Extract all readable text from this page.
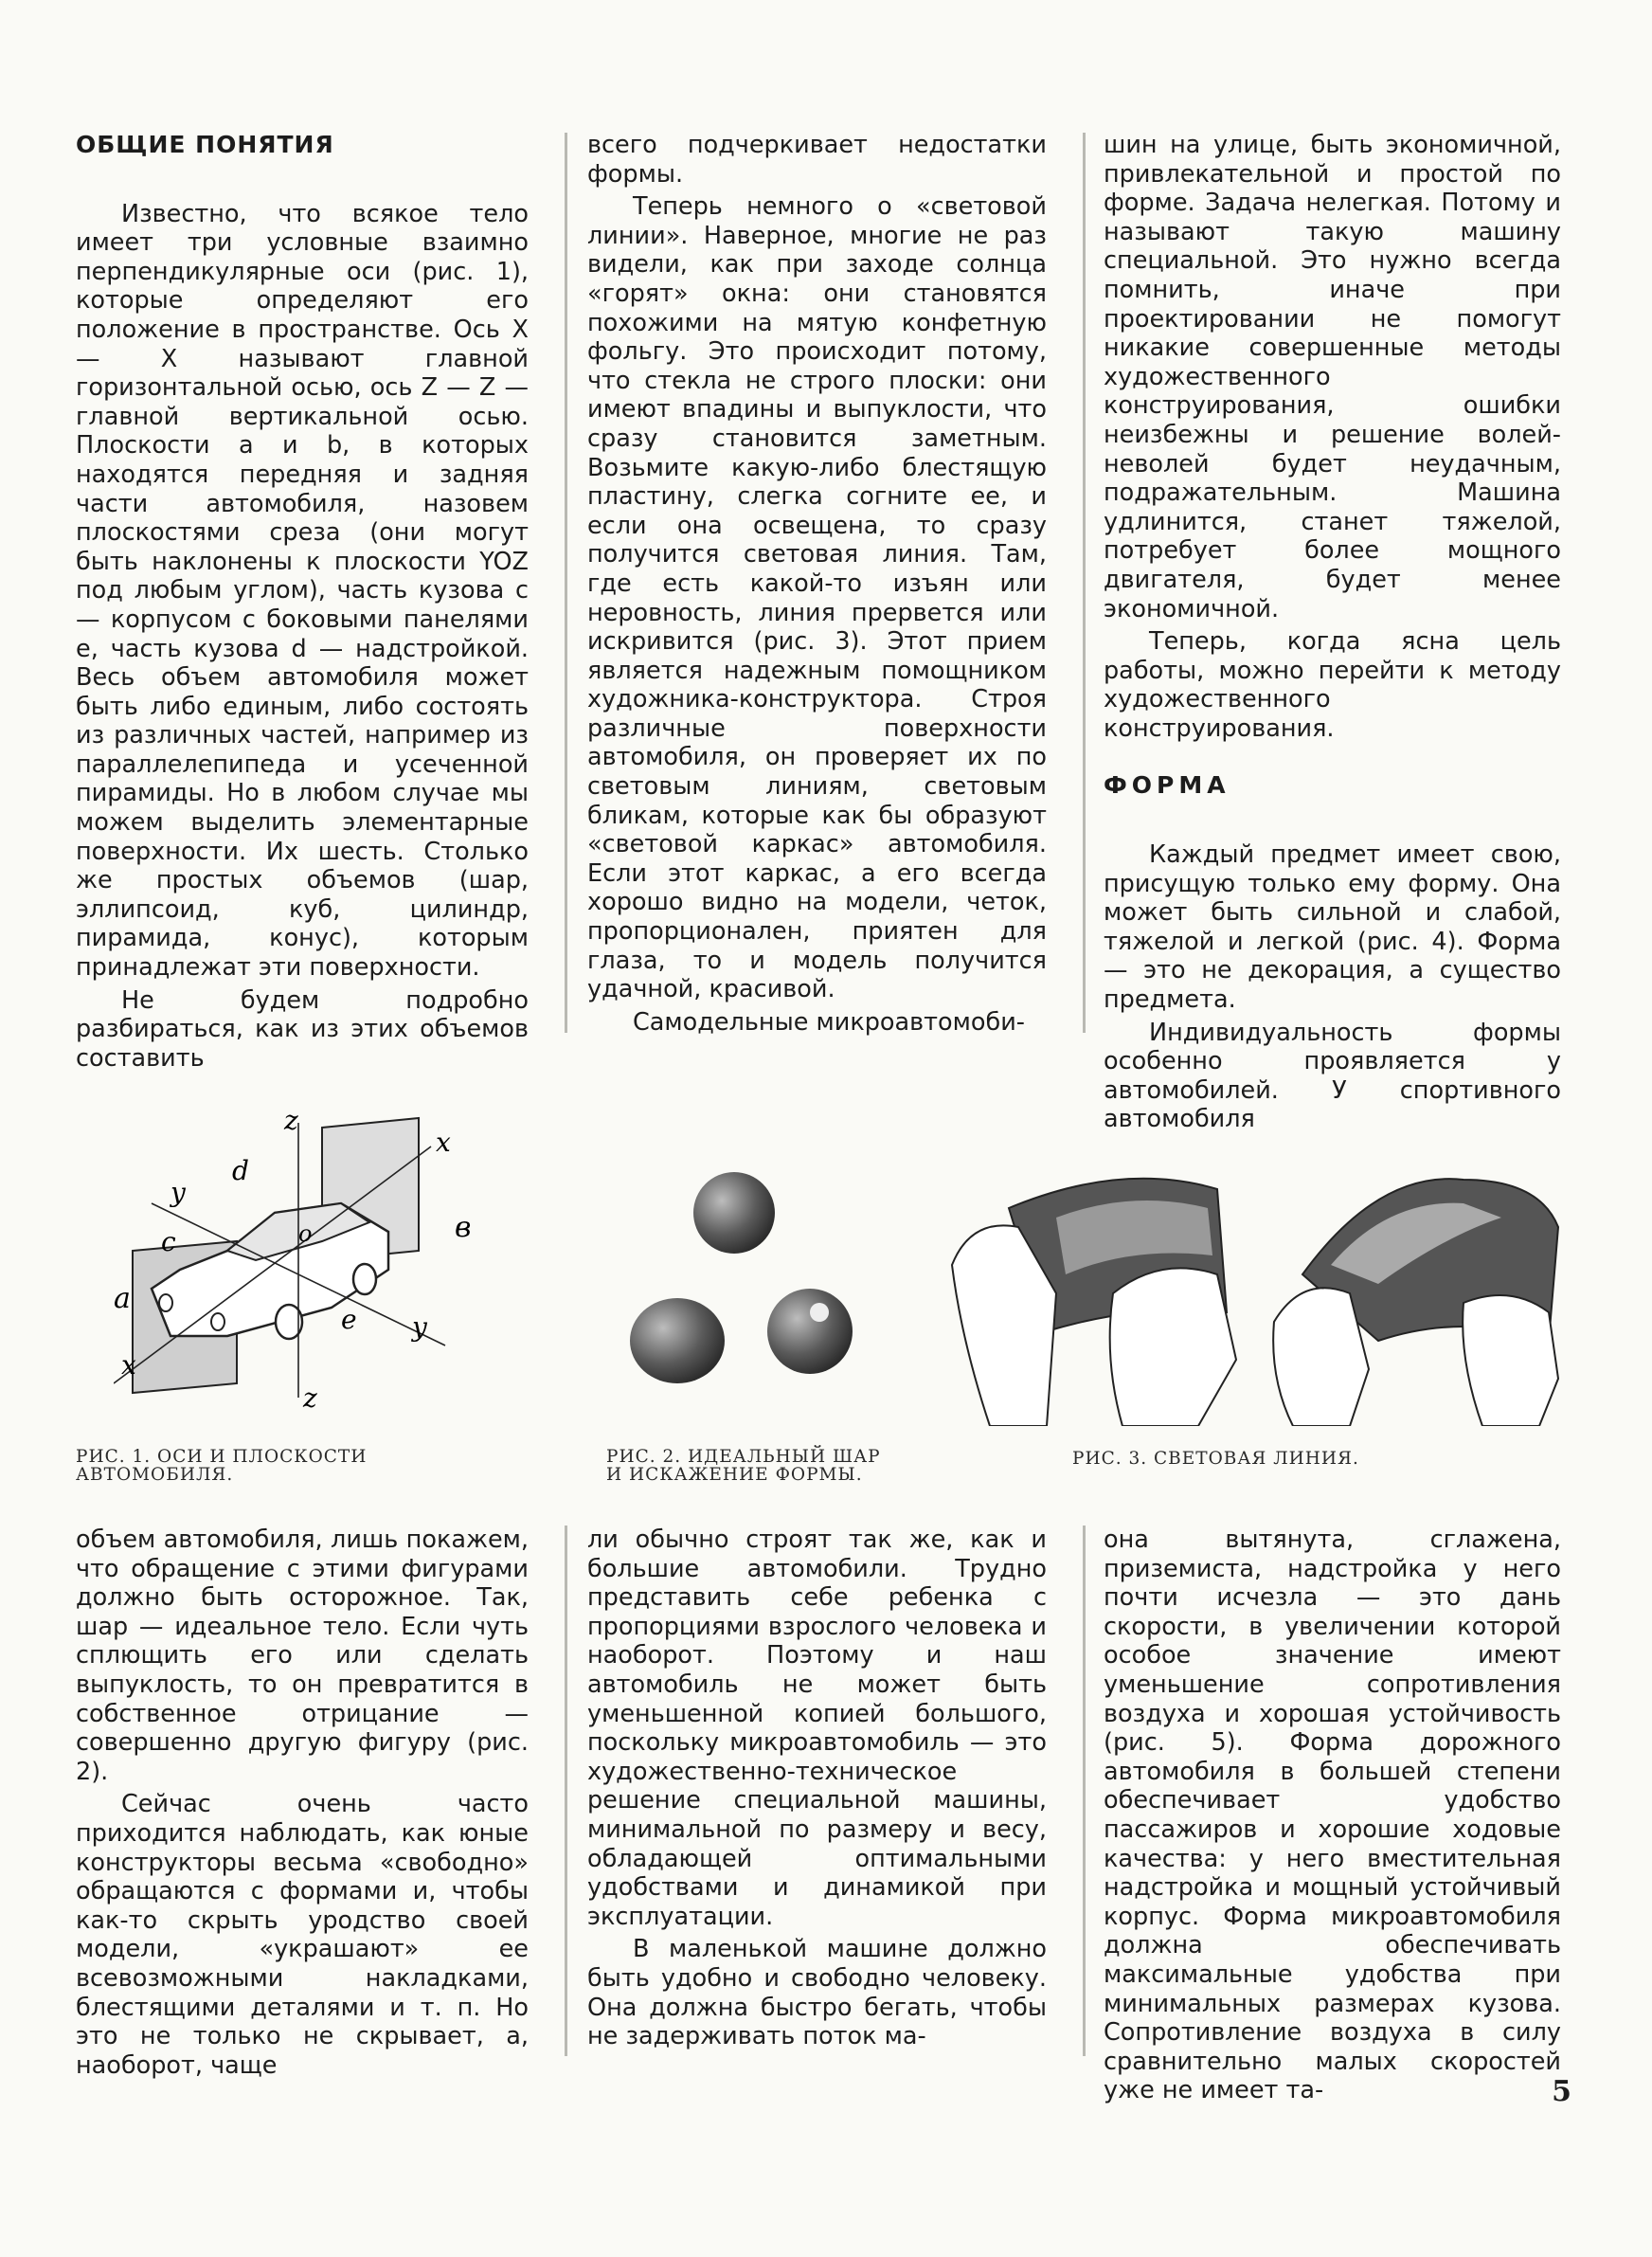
ОБЩИЕ ПОНЯТИЯ

Известно, что всякое тело имеет три условные взаимно перпендикулярные оси (рис. 1), которые определяют его положение в пространстве. Ось X — X называют главной горизонтальной осью, ось Z — Z — главной вертикальной осью. Плоскости a и b, в которых находятся передняя и задняя части автомобиля, назовем плоскостями среза (они могут быть наклонены к плоскости YOZ под любым углом), часть кузова c — корпусом с боковыми панелями e, часть кузова d — надстройкой. Весь объем автомобиля может быть либо единым, либо состоять из различных частей, например из параллелепипеда и усеченной пирамиды. Но в любом случае мы можем выделить элементарные поверхности. Их шесть. Столько же простых объемов (шар, эллипсоид, куб, цилиндр, пирамида, конус), которым принадлежат эти поверхности.

Не будем подробно разбираться, как из этих объемов составить

всего подчеркивает недостатки формы.

Теперь немного о «световой линии». Наверное, многие не раз видели, как при заходе солнца «горят» окна: они становятся похожими на мятую конфетную фольгу. Это происходит потому, что стекла не строго плоски: они имеют впадины и выпуклости, что сразу становится заметным. Возьмите какую-либо блестящую пластину, слегка согните ее, и если она освещена, то сразу получится световая линия. Там, где есть какой-то изъян или неровность, линия прервется или искривится (рис. 3). Этот прием является надежным помощником художника-конструктора. Строя различные поверхности автомобиля, он проверяет их по световым линиям, световым бликам, которые как бы образуют «световой каркас» автомобиля. Если этот каркас, а его всегда хорошо видно на модели, четок, пропорционален, приятен для глаза, то и модель получится удачной, красивой.

Самодельные микроавтомоби-

шин на улице, быть экономичной, привлекательной и простой по форме. Задача нелегкая. Потому и называют такую машину специальной. Это нужно всегда помнить, иначе при проектировании не помогут никакие совершенные методы художественного конструирования, ошибки неизбежны и решение волей-неволей будет неудачным, подражательным. Машина удлинится, станет тяжелой, потребует более мощного двигателя, будет менее экономичной.

Теперь, когда ясна цель работы, можно перейти к методу художественного конструирования.

ФОРМА

Каждый предмет имеет свою, присущую только ему форму. Она может быть сильной и слабой, тяжелой и легкой (рис. 4). Форма — это не декорация, а существо предмета.

Индивидуальность формы особенно проявляется у автомобилей. У спортивного автомобиля

z
z
x
x
y
y
o
a
в
c
d
e
РИС. 1. ОСИ И ПЛОСКОСТИ АВТОМОБИЛЯ.
РИС. 2. ИДЕАЛЬНЫЙ ШАР И ИСКАЖЕНИЕ ФОРМЫ.
РИС. 3. СВЕТОВАЯ ЛИНИЯ.

объем автомобиля, лишь покажем, что обращение с этими фигурами должно быть осторожное. Так, шар — идеальное тело. Если чуть сплющить его или сделать выпуклость, то он превратится в собственное отрицание — совершенно другую фигуру (рис. 2).

Сейчас очень часто приходится наблюдать, как юные конструкторы весьма «свободно» обращаются с формами и, чтобы как-то скрыть уродство своей модели, «украшают» ее всевозможными накладками, блестящими деталями и т. п. Но это не только не скрывает, а, наоборот, чаще

ли обычно строят так же, как и большие автомобили. Трудно представить себе ребенка с пропорциями взрослого человека и наоборот. Поэтому и наш автомобиль не может быть уменьшенной копией большого, поскольку микроавтомобиль — это художественно-техническое решение специальной машины, минимальной по размеру и весу, обладающей оптимальными удобствами и динамикой при эксплуатации.

В маленькой машине должно быть удобно и свободно человеку. Она должна быстро бегать, чтобы не задерживать поток ма-

она вытянута, сглажена, приземиста, надстройка у него почти исчезла — это дань скорости, в увеличении которой особое значение имеют уменьшение сопротивления воздуха и хорошая устойчивость (рис. 5). Форма дорожного автомобиля в большей степени обеспечивает удобство пассажиров и хорошие ходовые качества: у него вместительная надстройка и мощный устойчивый корпус. Форма микроавтомобиля должна обеспечивать максимальные удобства при минимальных размерах кузова. Сопротивление воздуха в силу сравнительно малых скоростей уже не имеет та-	5
